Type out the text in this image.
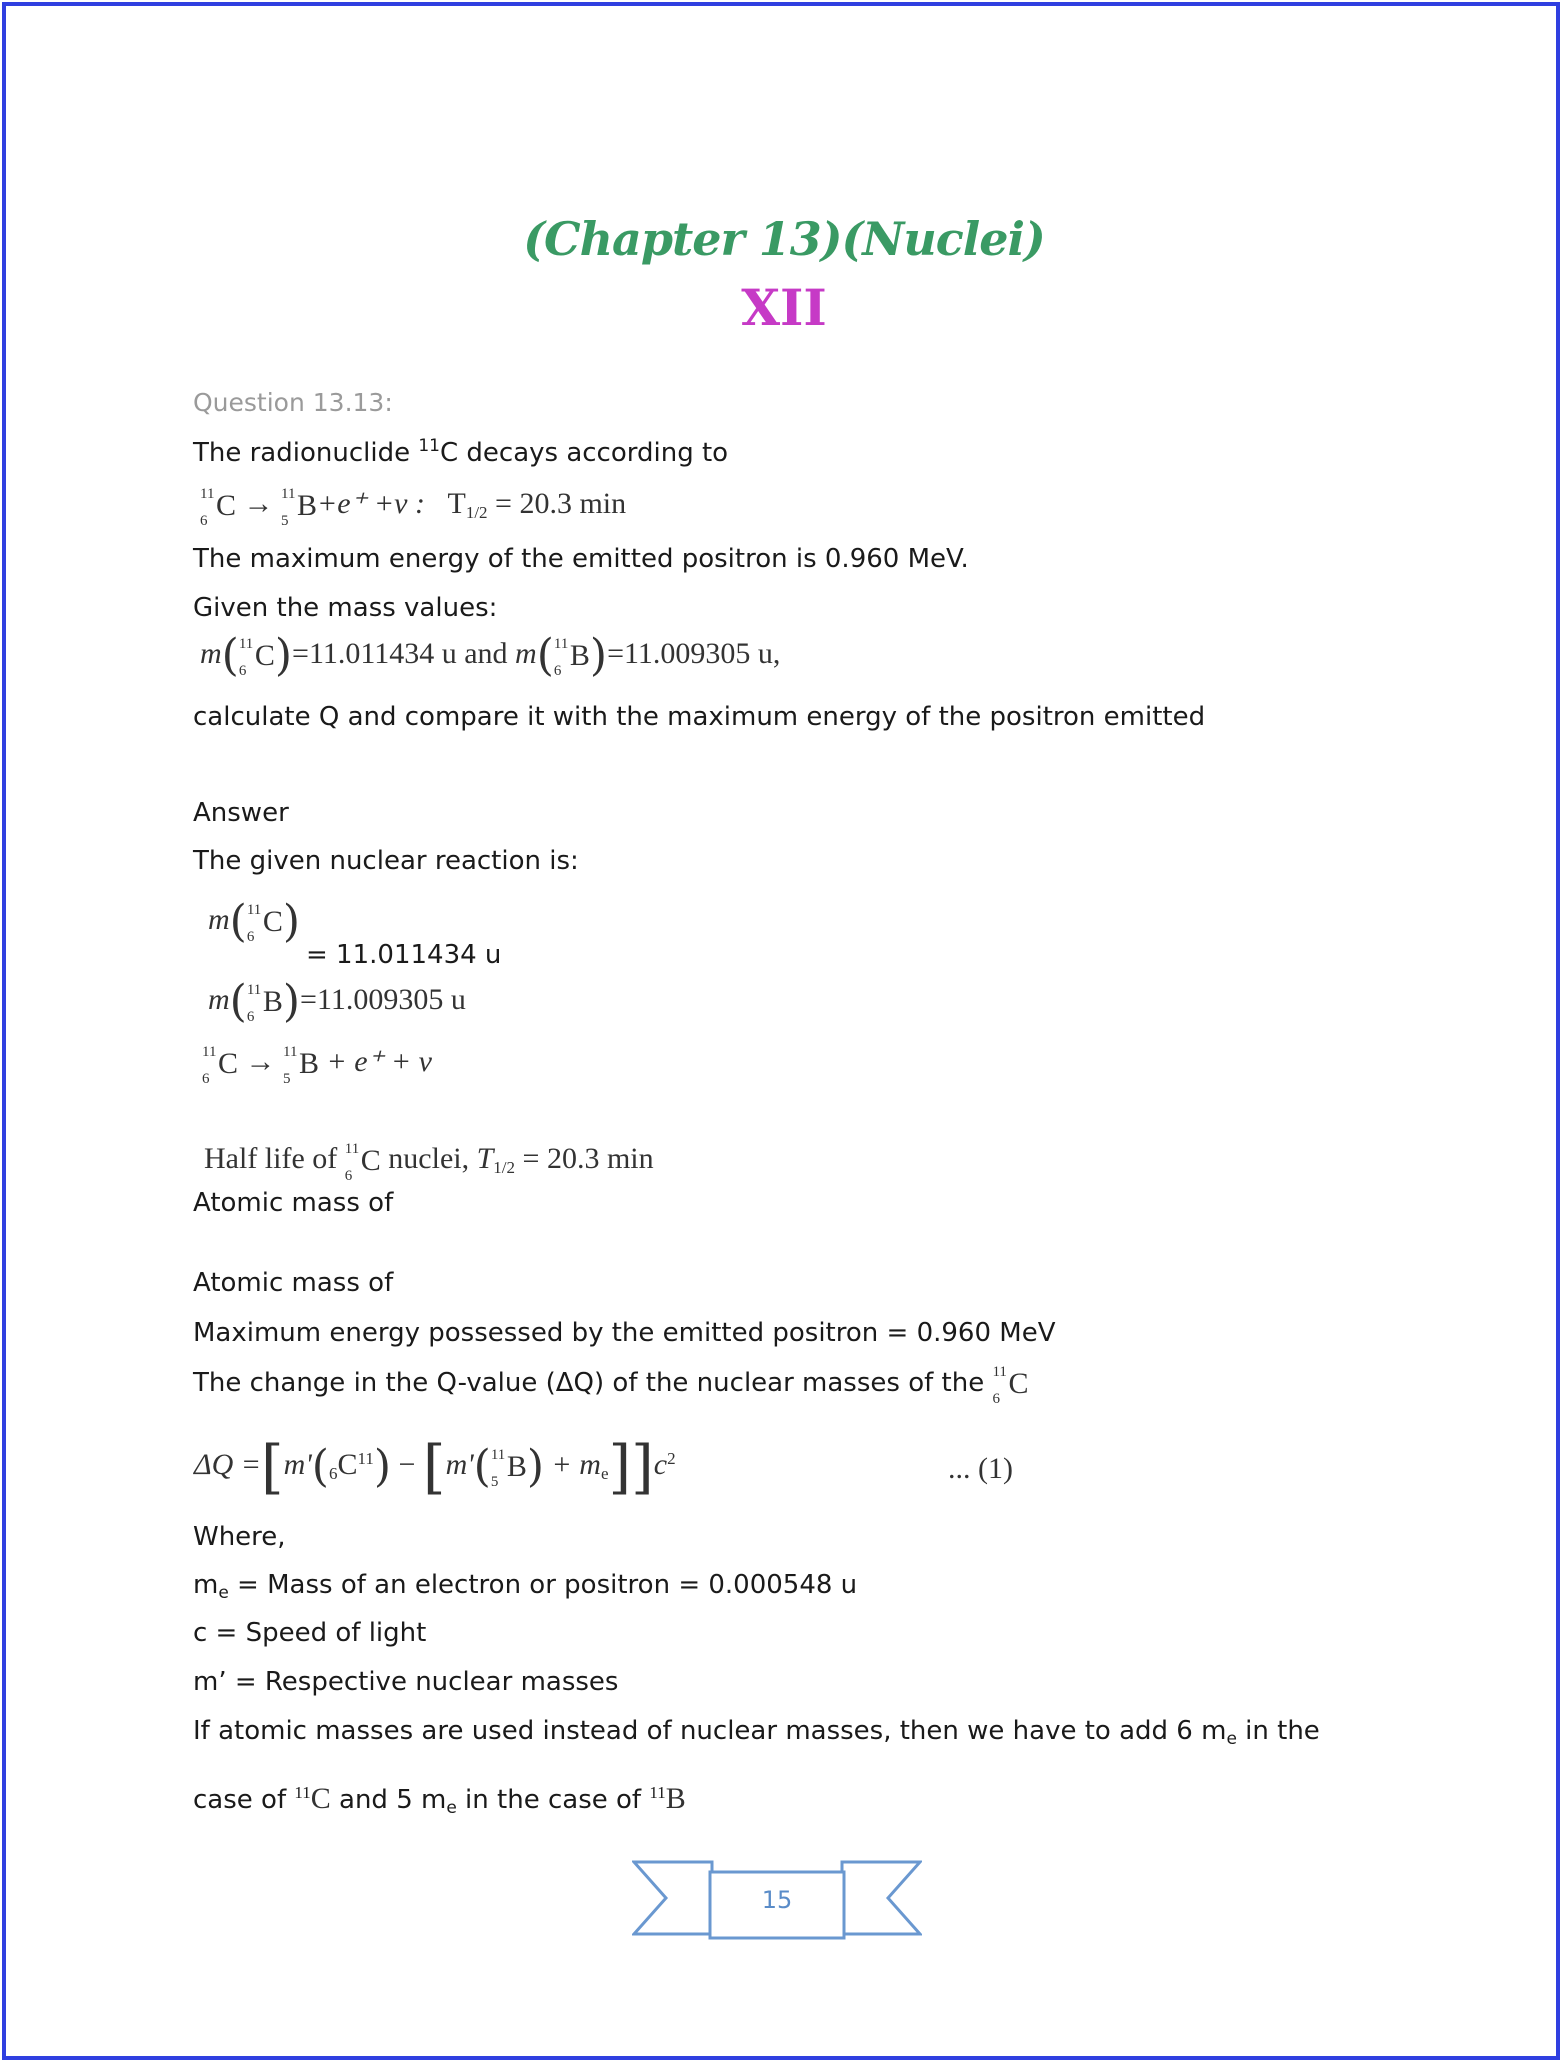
(Chapter 13)(Nuclei)
XII
Question 13.13:
The radionuclide $^{11}$C decays according to
11
6 C → 11
5 B+e⁺ +ν : $T_{1/2} = 20.3$ min
The maximum energy of the emitted positron is 0.960 MeV.
Given the mass values:
m( 11
6 C)=11.011434 u and m( 11
6 B)=11.009305 u,
calculate Q and compare it with the maximum energy of the positron emitted
Answer
The given nuclear reaction is:
m( 11
6 C)
= 11.011434 u
m( 11
6 B)=11.009305 u
11
6 C → 11
5 B + e⁺ + ν
Half life of 11
6 C nuclei, $T_{1/2} = 20.3$ min
Atomic mass of
Atomic mass of
Maximum energy possessed by the emitted positron = 0.960 MeV
The change in the Q-value (ΔQ) of the nuclear masses of the 11
6 C
$\Delta Q =[m'(_6C^{11}) - [m'$( 11
5 $B) + m_e]]c^2$	... (1)
Where,
$m_e$ = Mass of an electron or positron = 0.000548 u
c = Speed of light
m’ = Respective nuclear masses
If atomic masses are used instead of nuclear masses, then we have to add 6 $m_e$ in the
case of $^{11}$C and 5 $m_e$ in the case of $^{11}$B
15
